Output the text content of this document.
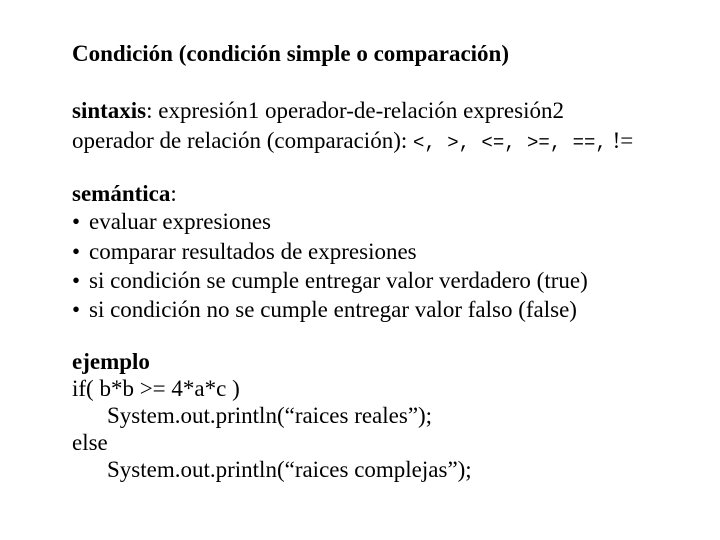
Condición (condición simple o comparación)
sintaxis: expresión1 operador-de-relación expresión2
operador de relación (comparación): <, >, <=, >=, ==, !=
semántica:
• evaluar expresiones
• comparar resultados de expresiones
• si condición se cumple entregar valor verdadero (true)
• si condición no se cumple entregar valor falso (false)
ejemplo
if( b*b >= 4*a*c )
System.out.println(“raices reales”);
else
System.out.println(“raices complejas”);
